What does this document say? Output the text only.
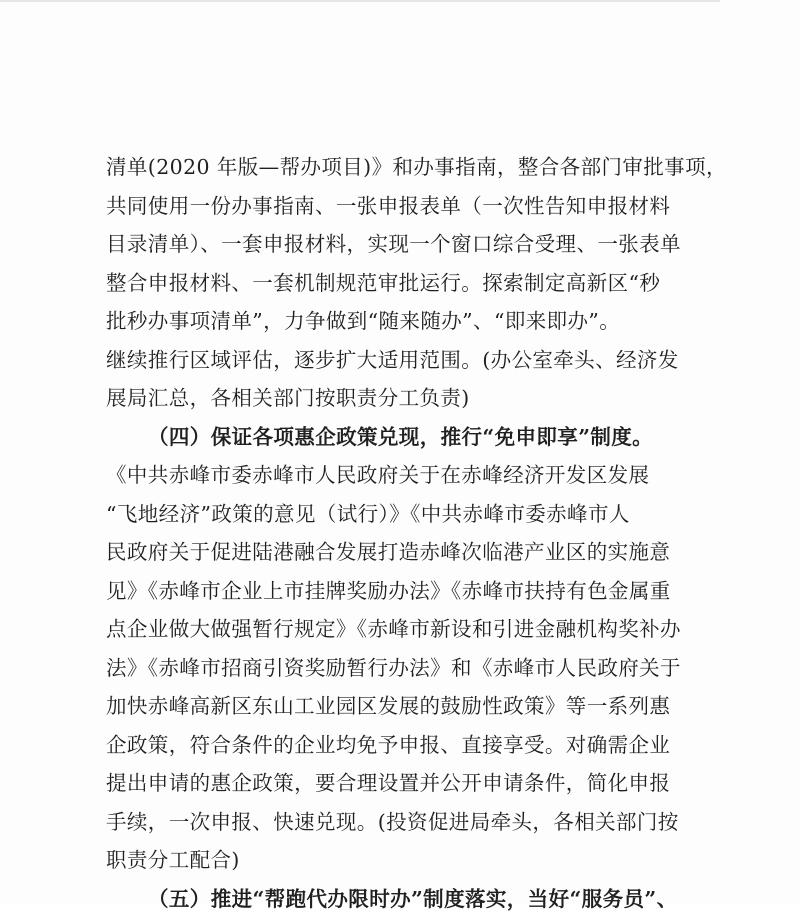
清单(2020 年版—帮办项目)》和办事指南，整合各部门审批事项，
共同使用一份办事指南、一张申报表单（一次性告知申报材料
目录清单）、一套申报材料，实现一个窗口综合受理、一张表单
整合申报材料、一套机制规范审批运行。探索制定高新区“秒
批秒办事项清单”，力争做到“随来随办”、“即来即办”。
继续推行区域评估，逐步扩大适用范围。(办公室牵头、经济发
展局汇总，各相关部门按职责分工负责)
（四）保证各项惠企政策兑现，推行“免申即享”制度。
《中共赤峰市委赤峰市人民政府关于在赤峰经济开发区发展
“飞地经济”政策的意见（试行）》《中共赤峰市委赤峰市人
民政府关于促进陆港融合发展打造赤峰次临港产业区的实施意
见》《赤峰市企业上市挂牌奖励办法》《赤峰市扶持有色金属重
点企业做大做强暂行规定》《赤峰市新设和引进金融机构奖补办
法》《赤峰市招商引资奖励暂行办法》和《赤峰市人民政府关于
加快赤峰高新区东山工业园区发展的鼓励性政策》等一系列惠
企政策，符合条件的企业均免予申报、直接享受。对确需企业
提出申请的惠企政策，要合理设置并公开申请条件，简化申报
手续，一次申报、快速兑现。(投资促进局牵头，各相关部门按
职责分工配合)
（五）推进“帮跑代办限时办”制度落实，当好“服务员”、
